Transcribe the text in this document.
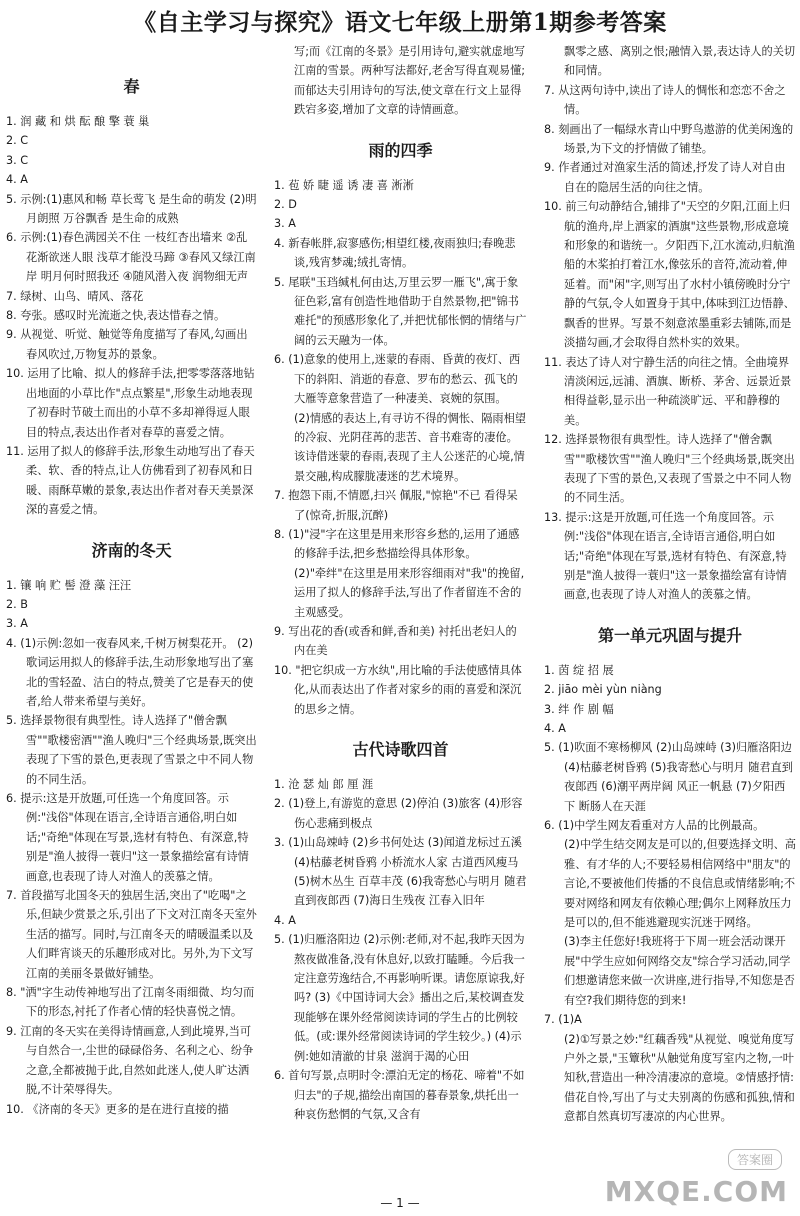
《自主学习与探究》语文七年级上册第1期参考答案
春
1. 润 藏 和 烘 酝 酿 擎 蓑 巢
2. C
3. C
4. A
5. 示例:(1)惠风和畅 草长莺飞 是生命的萌发 (2)明月朗照 万谷飘香 是生命的成熟
6. 示例:(1)春色满园关不住 一枝红杏出墙来 ②乱花渐欲迷人眼 浅草才能没马蹄 ③春风又绿江南岸 明月何时照我还 ④随风潜入夜 润物细无声
7. 绿树、山鸟、晴风、落花
8. 夸张。感叹时光流逝之快,表达惜春之情。
9. 从视觉、听觉、触觉等角度描写了春风,勾画出春风吹过,万物复苏的景象。
10. 运用了比喻、拟人的修辞手法,把零零落落地钻出地面的小草比作"点点繁星",形象生动地表现了初春时节破土而出的小草不多却禅得逗人眼目的特点,表达出作者对春草的喜爱之情。
11. 运用了拟人的修辞手法,形象生动地写出了春天柔、软、香的特点,让人仿佛看到了初春风和日暖、雨酥草嫩的景象,表达出作者对春天美景深深的喜爱之情。
济南的冬天
1. 镶 响 贮 髻 澄 藻 汪汪
2. B
3. A
4. (1)示例:忽如一夜春风来,千树万树梨花开。 (2)歌词运用拟人的修辞手法,生动形象地写出了塞北的雪轻盈、洁白的特点,赞美了它是春天的使者,给人带来希望与美好。
5. 选择景物很有典型性。诗人选择了"僧舍飘雪""歌楼密酒""渔人晚归"三个经典场景,既突出表现了下雪的景色,更表现了雪景之中不同人物的不同生活。
6. 提示:这是开放题,可任选一个角度回答。示例:"浅俗"体现在语言,全诗语言通俗,明白如话;"奇绝"体现在写景,选材有特色、有深意,特别是"渔人披得一蓑归"这一景象描绘富有诗情画意,也表现了诗人对渔人的羡慕之情。
7. 首段描写北国冬天的独居生活,突出了"吃喝"之乐,但缺少赏景之乐,引出了下文对江南冬天室外生活的描写。同时,与江南冬天的晴暖温柔以及人们畔宵谈天的乐趣形成对比。另外,为下文写江南的美丽冬景做好铺垫。
8. "洒"字生动传神地写出了江南冬雨细微、均匀而下的形态,衬托了作者心情的轻快喜悦之情。
9. 江南的冬天实在美得诗情画意,人到此境界,当可与自然合一,尘世的碌碌俗务、名利之心、纷争之意,全都被抛于此,自然如此迷人,使人旷达洒脱,不计荣辱得失。
10. 《济南的冬天》更多的是在进行直接的描
写;而《江南的冬景》是引用诗句,避实就虚地写江南的雪景。两种写法都好,老舍写得直观易懂;而郁达夫引用诗句的写法,使文章在行文上显得跌宕多姿,增加了文章的诗情画意。
雨的四季
1. 苞 娇 睫 遥 诱 凄 喜 淅淅
2. D
3. A
4. 新春帐胖,寂寥感伤;相望红楼,夜雨独归;春晚悲谈,残宵梦魂;绒扎寄情。
5. 尾联"玉珰缄札何由达,万里云罗一雁飞",寓于象征色彩,富有创造性地借助于自然景物,把"锦书难托"的预感形象化了,并把忧郁怅惘的情绪与广阔的云天融为一体。
6. (1)意象的使用上,迷蒙的春雨、昏黄的夜灯、西下的斜阳、消逝的春意、罗布的愁云、孤飞的大雁等意象营造了一种凄美、哀婉的氛围。
(2)情感的表达上,有寻访不得的惆怅、隔雨相望的冷寂、光阴荏苒的悲苦、音书难寄的凄伧。该诗借迷蒙的春雨,表现了主人公迷茫的心境,情景交融,构成朦胧凄迷的艺术境界。
7. 抱怨下雨,不情愿,扫兴 佩服,"惊艳"不已 看得呆了(惊奇,折服,沉醉)
8. (1)"浸"字在这里是用来形容乡愁的,运用了通感的修辞手法,把乡愁描绘得具体形象。
(2)"牵绊"在这里是用来形容细雨对"我"的挽留,运用了拟人的修辞手法,写出了作者留连不舍的主观感受。
9. 写出花的香(或香和鲜,香和美) 衬托出老妇人的内在美
10. "把它织成一方水纨",用比喻的手法使感情具体化,从而表达出了作者对家乡的雨的喜爱和深沉的思乡之情。
古代诗歌四首
1. 沧 瑟 灿 郎 厘 涯
2. (1)登上,有游览的意思 (2)停泊 (3)旅客 (4)形容伤心悲痛到极点
3. (1)山岛竦峙 (2)乡书何处达 (3)闻道龙标过五溪 (4)枯藤老树昏鸦 小桥流水人家 古道西风瘦马 (5)树木丛生 百草丰茂 (6)我寄愁心与明月 随君直到夜郎西 (7)海日生残夜 江春入旧年
4. A
5. (1)归雁洛阳边 (2)示例:老师,对不起,我昨天因为熬夜做准备,没有休息好,以致打瞌睡。今后我一定注意劳逸结合,不再影响听课。请您原谅我,好吗? (3)《中国诗词大会》播出之后,某校调查发现能够在课外经常阅读诗词的学生占的比例较低。(或:课外经常阅读诗词的学生较少。) (4)示例:她如清澈的甘泉 滋润于渴的心田
6. 首句写景,点明时令:漂泊无定的杨花、啼着"不如归去"的子规,描绘出南国的暮春景象,烘托出一种哀伤愁惘的气氛,又含有
飘零之感、离别之恨;融情入景,表达诗人的关切和同情。
7. 从这两句诗中,读出了诗人的惆怅和恋恋不舍之情。
8. 刻画出了一幅绿水青山中野鸟遨游的优美闲逸的场景,为下文的抒情做了铺垫。
9. 作者通过对渔家生活的简述,抒发了诗人对自由自在的隐居生活的向往之情。
10. 前三句动静结合,铺排了"天空的夕阳,江面上归航的渔舟,岸上酒家的酒旗"这些景物,形成意境和形象的和谐统一。夕阳西下,江水流动,归航渔船的木桨拍打着江水,像弦乐的音符,流动着,伸延着。而"闲"字,则写出了水村小镇傍晚时分宁静的气氛,令人如置身于其中,体味到江边悟静、飘香的世界。写景不刻意浓墨重彩去铺陈,而是淡描勾画,才会取得自然朴实的效果。
11. 表达了诗人对宁静生活的向往之情。全曲境界清淡闲远,远浦、酒旗、断桥、茅舍、远景近景相得益彰,显示出一种疏淡旷远、平和静穆的美。
12. 选择景物很有典型性。诗人选择了"僧舍飘雪""歌楼饮雪""渔人晚归"三个经典场景,既突出表现了下雪的景色,又表现了雪景之中不同人物的不同生活。
13. 提示:这是开放题,可任选一个角度回答。示例:"浅俗"体现在语言,全诗语言通俗,明白如话;"奇绝"体现在写景,选材有特色、有深意,特别是"渔人披得一蓑归"这一景象描绘富有诗情画意,也表现了诗人对渔人的羡慕之情。
第一单元巩固与提升
1. 茵 绽 招 展
2. jiāo mèi yùn niàng
3. 绊 作 剧 幅
4. A
5. (1)吹面不寒杨柳风 (2)山岛竦峙 (3)归雁洛阳边 (4)枯藤老树昏鸦 (5)我寄愁心与明月 随君直到夜郎西 (6)潮平两岸阔 风正一帆悬 (7)夕阳西下 断肠人在天涯
6. (1)中学生网友看重对方人品的比例最高。
(2)中学生结交网友是可以的,但要选择文明、高雅、有才华的人;不要轻易相信网络中"朋友"的言论,不要被他们传播的不良信息或情绪影响;不要对网络和网友有依赖心理;偶尔上网释放压力是可以的,但不能逃避现实沉迷于网络。
(3)李主任您好!我班将于下周一班会活动课开展"中学生应如何网络交友"综合学习活动,同学们想邀请您来做一次讲座,进行指导,不知您是否有空?我们期待您的到来!
7. (1)A
(2)①写景之妙:"红藕香残"从视觉、嗅觉角度写户外之景,"玉簟秋"从触觉角度写室内之物,一叶知秋,营造出一种冷清凄凉的意境。②情感抒情:借花自怜,写出了与丈夫别离的伤感和孤独,情和意都自然真切写凄凉的内心世界。
答案圈
MXQE.COM
— 1 —
